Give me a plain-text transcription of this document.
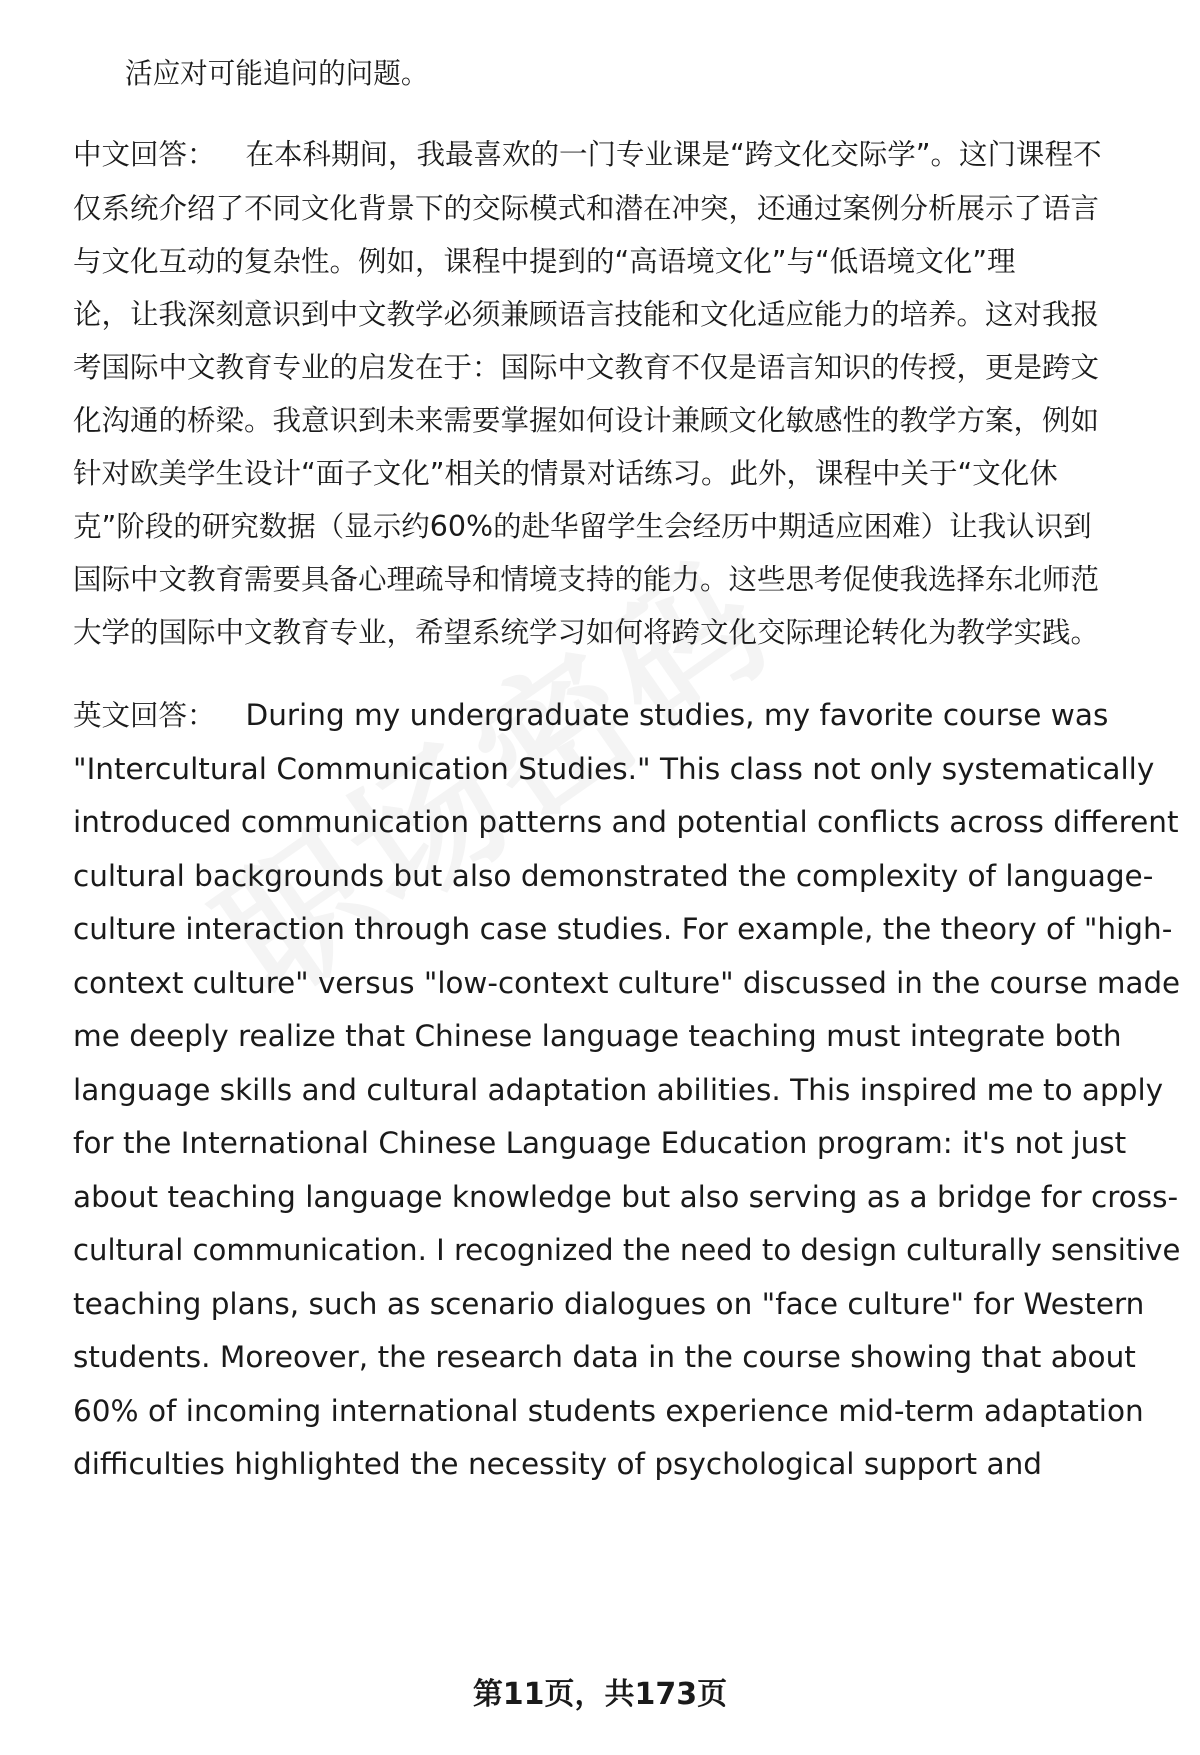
活应对可能追问的问题。
中文回答： 在本科期间，我最喜欢的一门专业课是“跨文化交际学”。这门课程不
仅系统介绍了不同文化背景下的交际模式和潜在冲突，还通过案例分析展示了语言
与文化互动的复杂性。例如，课程中提到的“高语境文化”与“低语境文化”理
论，让我深刻意识到中文教学必须兼顾语言技能和文化适应能力的培养。这对我报
考国际中文教育专业的启发在于：国际中文教育不仅是语言知识的传授，更是跨文
化沟通的桥梁。我意识到未来需要掌握如何设计兼顾文化敏感性的教学方案，例如
针对欧美学生设计“面子文化”相关的情景对话练习。此外，课程中关于“文化休
克”阶段的研究数据（显示约60%的赴华留学生会经历中期适应困难）让我认识到
国际中文教育需要具备心理疏导和情境支持的能力。这些思考促使我选择东北师范
大学的国际中文教育专业，希望系统学习如何将跨文化交际理论转化为教学实践。
英文回答： During my undergraduate studies, my favorite course was
"Intercultural Communication Studies." This class not only systematically
introduced communication patterns and potential conflicts across different
cultural backgrounds but also demonstrated the complexity of language-
culture interaction through case studies. For example, the theory of "high-
context culture" versus "low-context culture" discussed in the course made
me deeply realize that Chinese language teaching must integrate both
language skills and cultural adaptation abilities. This inspired me to apply
for the International Chinese Language Education program: it's not just
about teaching language knowledge but also serving as a bridge for cross-
cultural communication. I recognized the need to design culturally sensitive
teaching plans, such as scenario dialogues on "face culture" for Western
students. Moreover, the research data in the course showing that about
60% of incoming international students experience mid-term adaptation
difficulties highlighted the necessity of psychological support and
第11页，共173页
